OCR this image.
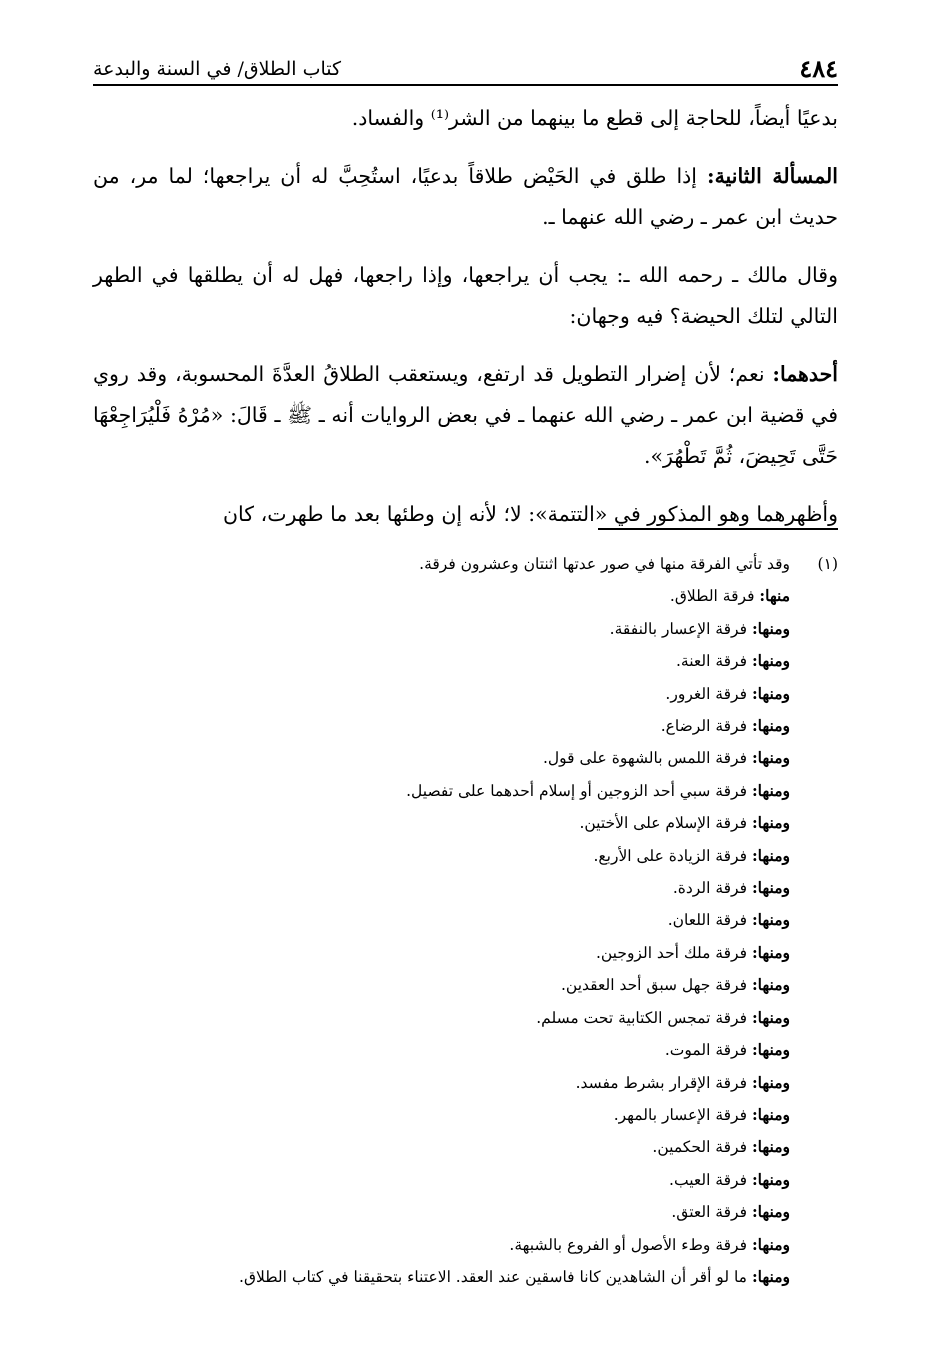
٤٨٤
كتاب الطلاق/ في السنة والبدعة

بدعيًا أيضاً، للحاجة إلى قطع ما بينهما من الشر⁽¹⁾ والفساد.

المسألة الثانية: إذا طلق في الحَيْض طلاقاً بدعيًا، استُحِبَّ له أن يراجعها؛ لما مر، من حديث ابن عمر ـ رضي الله عنهما ـ.

وقال مالك ـ رحمه الله ـ: يجب أن يراجعها، وإذا راجعها، فهل له أن يطلقها في الطهر التالي لتلك الحيضة؟ فيه وجهان:

أحدهما: نعم؛ لأن إضرار التطويل قد ارتفع، ويستعقب الطلاقُ العدَّةَ المحسوبة، وقد روي في قضية ابن عمر ـ رضي الله عنهما ـ في بعض الروايات أنه ـ ﷺ ـ قَالَ: «مُرْهُ فَلْيُرَاجِعْهَا حَتَّى تَحِيضَ، ثُمَّ تَطْهُرَ».

وأظهرهما وهو المذكور في «التتمة»: لا؛ لأنه إن وطئها بعد ما طهرت، كان

(١)
وقد تأتي الفرقة منها في صور عدتها اثنتان وعشرون فرقة.
منها: فرقة الطلاق.
ومنها: فرقة الإعسار بالنفقة.
ومنها: فرقة العنة.
ومنها: فرقة الغرور.
ومنها: فرقة الرضاع.
ومنها: فرقة اللمس بالشهوة على قول.
ومنها: فرقة سبي أحد الزوجين أو إسلام أحدهما على تفصيل.
ومنها: فرقة الإسلام على الأختين.
ومنها: فرقة الزيادة على الأربع.
ومنها: فرقة الردة.
ومنها: فرقة اللعان.
ومنها: فرقة ملك أحد الزوجين.
ومنها: فرقة جهل سبق أحد العقدين.
ومنها: فرقة تمجس الكتابية تحت مسلم.
ومنها: فرقة الموت.
ومنها: فرقة الإقرار بشرط مفسد.
ومنها: فرقة الإعسار بالمهر.
ومنها: فرقة الحكمين.
ومنها: فرقة العيب.
ومنها: فرقة العتق.
ومنها: فرقة وطء الأصول أو الفروع بالشبهة.
ومنها: ما لو أقر أن الشاهدين كانا فاسقين عند العقد. الاعتناء بتحقيقنا في كتاب الطلاق.
